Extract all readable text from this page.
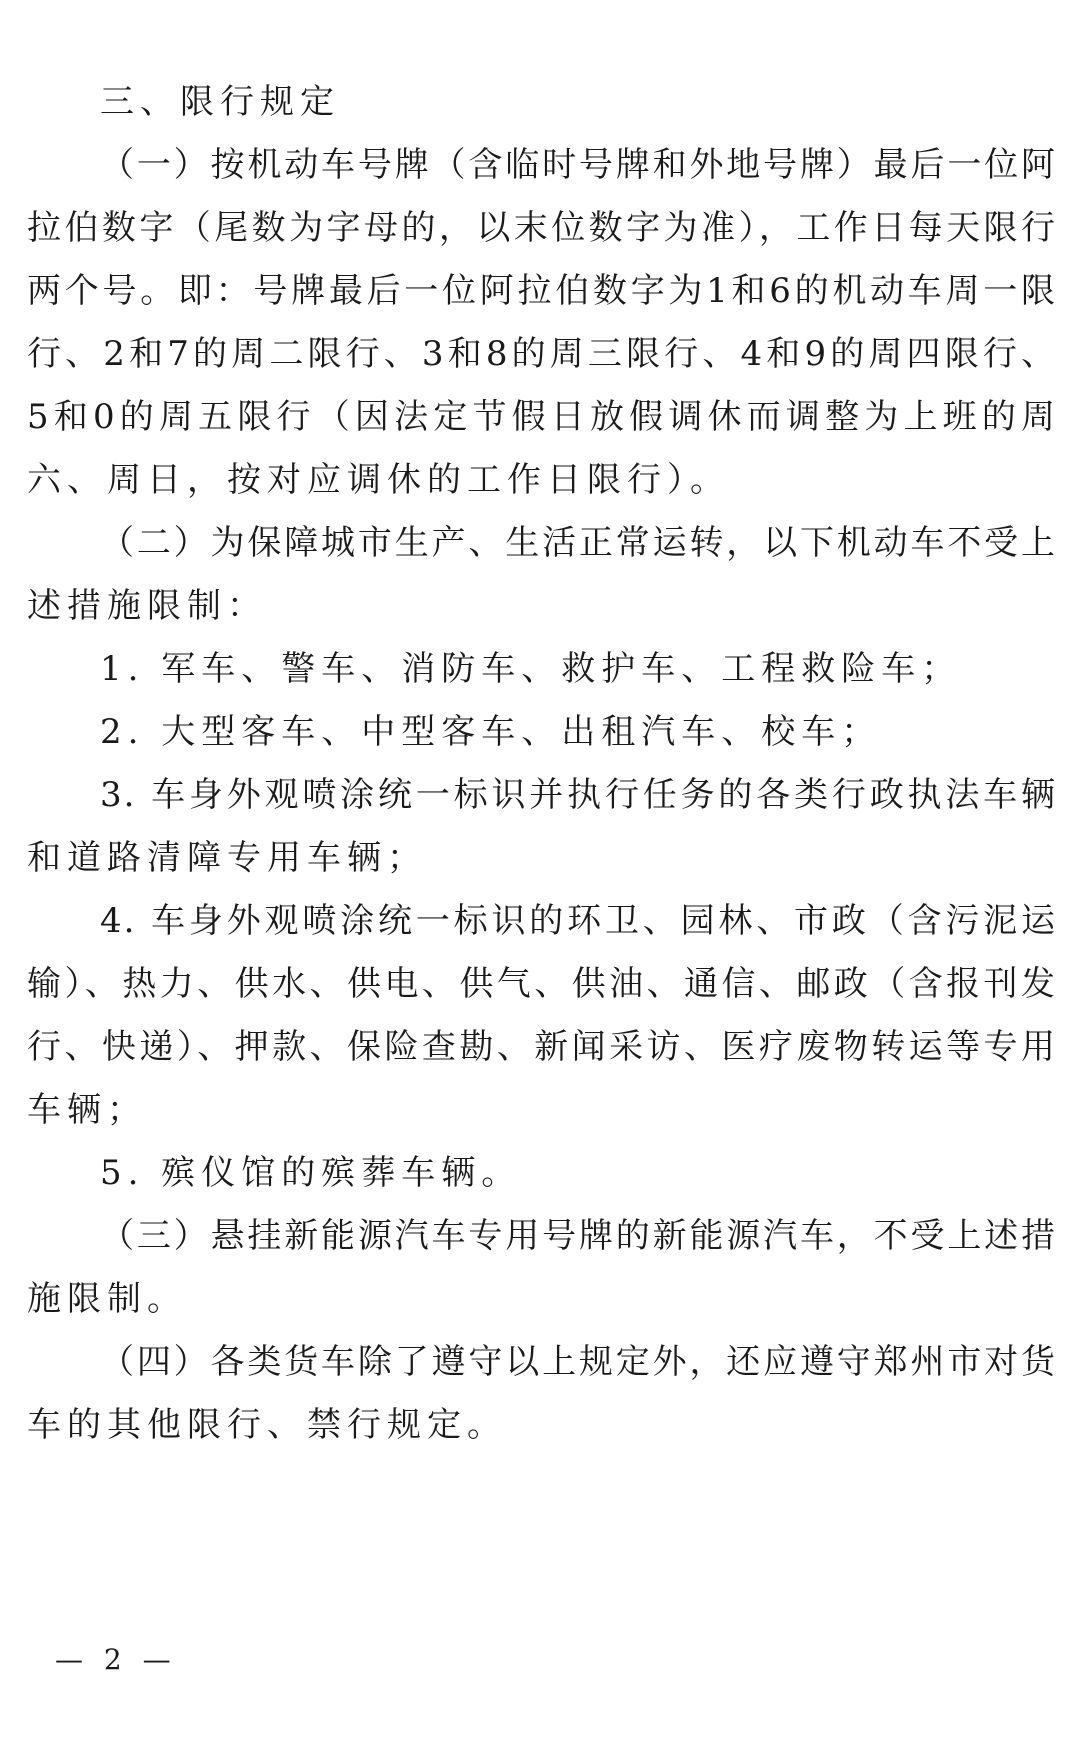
三、限行规定
（一）按机动车号牌（含临时号牌和外地号牌）最后一位阿
拉伯数字（尾数为字母的，以末位数字为准），工作日每天限行
两个号。即：号牌最后一位阿拉伯数字为1和6的机动车周一限
行、2和7的周二限行、3和8的周三限行、4和9的周四限行、
5和0的周五限行（因法定节假日放假调休而调整为上班的周
六、周日，按对应调休的工作日限行）。
（二）为保障城市生产、生活正常运转，以下机动车不受上
述措施限制：
1. 军车、警车、消防车、救护车、工程救险车；
2. 大型客车、中型客车、出租汽车、校车；
3. 车身外观喷涂统一标识并执行任务的各类行政执法车辆
和道路清障专用车辆；
4. 车身外观喷涂统一标识的环卫、园林、市政（含污泥运
输）、热力、供水、供电、供气、供油、通信、邮政（含报刊发
行、快递）、押款、保险查勘、新闻采访、医疗废物转运等专用
车辆；
5. 殡仪馆的殡葬车辆。
（三）悬挂新能源汽车专用号牌的新能源汽车，不受上述措
施限制。
（四）各类货车除了遵守以上规定外，还应遵守郑州市对货
车的其他限行、禁行规定。
— 2 —
